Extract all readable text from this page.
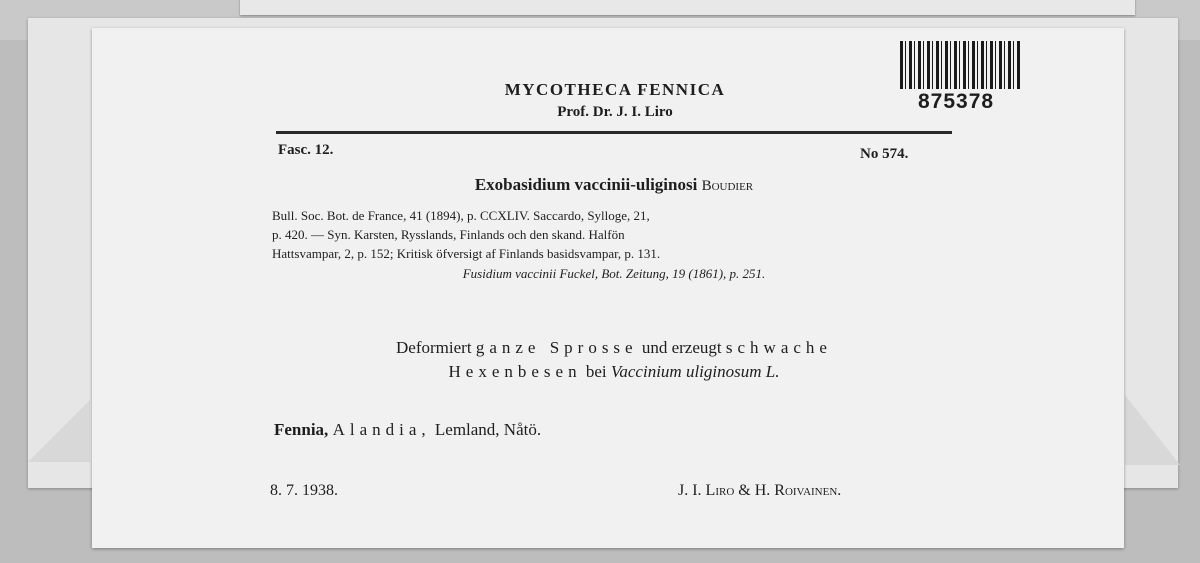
875378
MYCOTHECA FENNICA
Prof. Dr. J. I. Liro
Fasc. 12.	No 574.
Exobasidium vaccinii-uliginosi Boudier
Bull. Soc. Bot. de France, 41 (1894), p. CCXLIV. Saccardo, Sylloge, 21,
p. 420. — Syn. Karsten, Rysslands, Finlands och den skand. Halfön
Hattsvampar, 2, p. 152; Kritisk öfversigt af Finlands basidsvampar, p. 131.
Fusidium vaccinii Fuckel, Bot. Zeitung, 19 (1861), p. 251.
Deformiert ganze Sprosse und erzeugt schwache
Hexenbesen bei Vaccinium uliginosum L.
Fennia, Alandia, Lemland, Nåtö.
8. 7. 1938.	J. I. Liro & H. Roivainen.
